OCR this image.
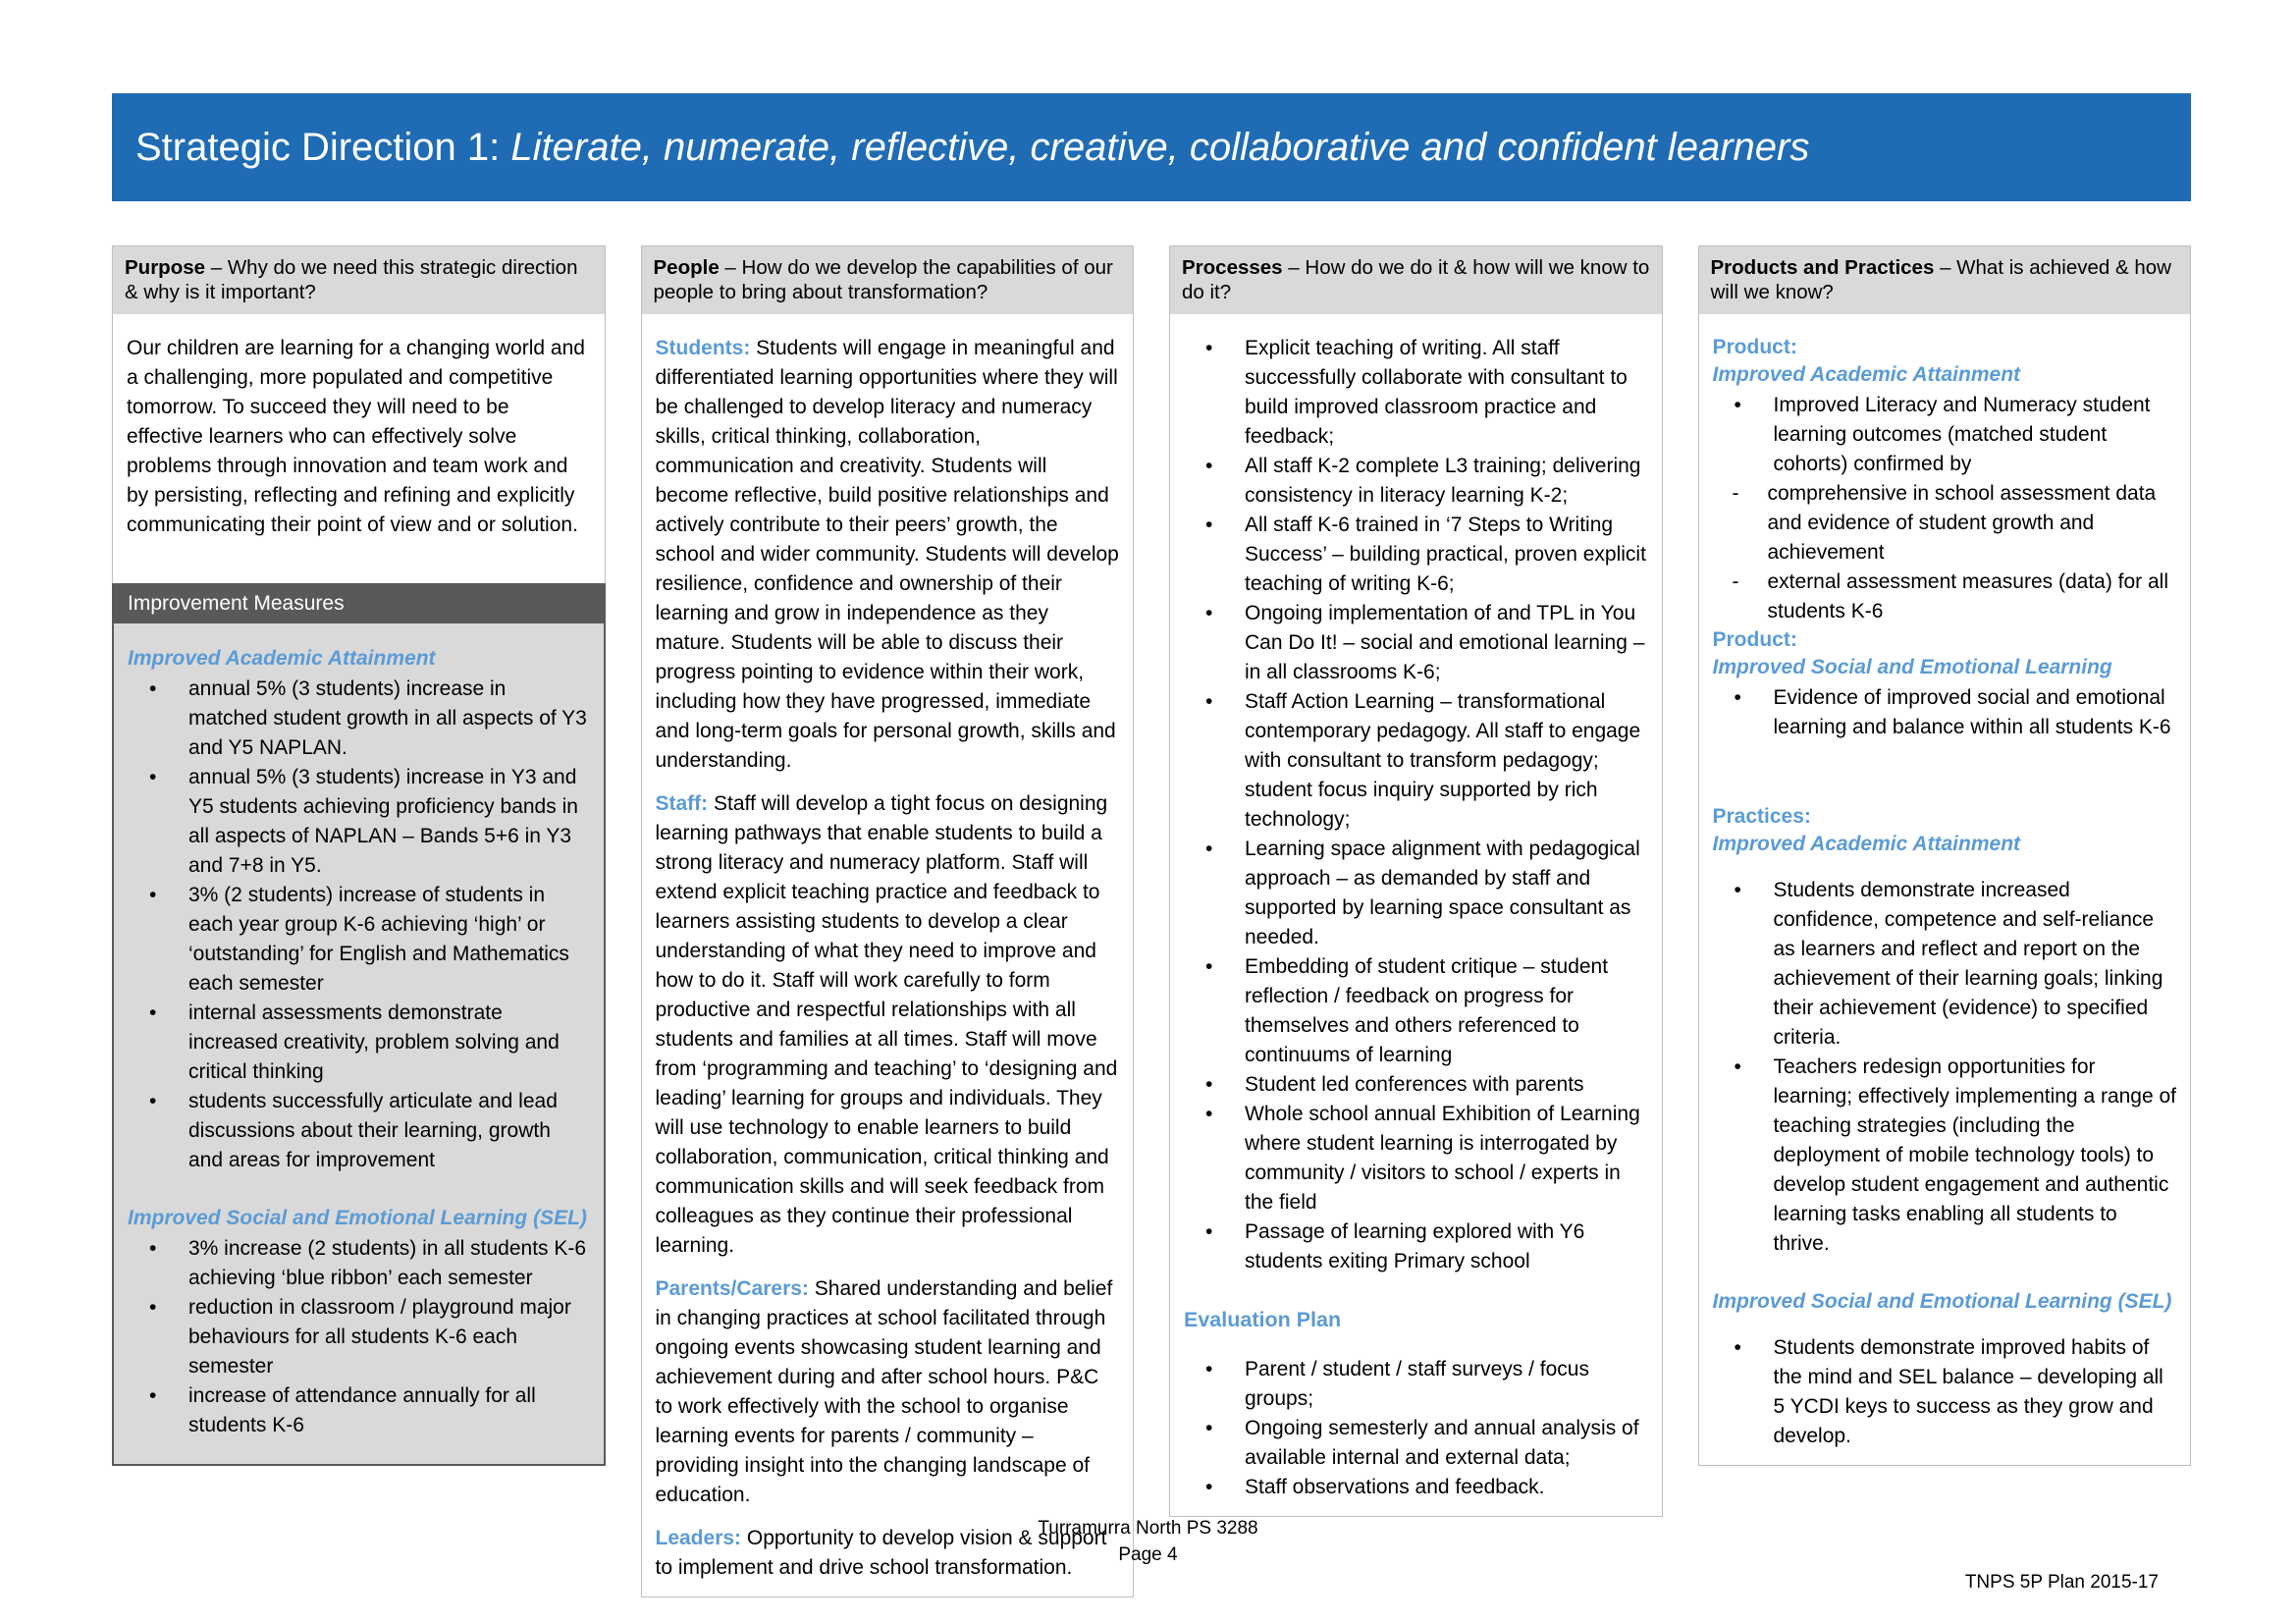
Strategic Direction 1: Literate, numerate, reflective, creative, collaborative and confident learners

Purpose – Why do we need this strategic direction & why is it important?

Our children are learning for a changing world and a challenging, more populated and competitive tomorrow. To succeed they will need to be effective learners who can effectively solve problems through innovation and team work and by persisting, reflecting and refining and explicitly communicating their point of view and or solution.

Improvement Measures

Improved Academic Attainment

• annual 5% (3 students) increase in matched student growth in all aspects of Y3 and Y5 NAPLAN.
• annual 5% (3 students) increase in Y3 and Y5 students achieving proficiency bands in all aspects of NAPLAN – Bands 5+6 in Y3 and 7+8 in Y5.
• 3% (2 students) increase of students in each year group K-6 achieving ‘high’ or ‘outstanding’ for English and Mathematics each semester
• internal assessments demonstrate increased creativity, problem solving and critical thinking
• students successfully articulate and lead discussions about their learning, growth and areas for improvement

Improved Social and Emotional Learning (SEL)

• 3% increase (2 students) in all students K-6 achieving ‘blue ribbon’ each semester
• reduction in classroom / playground major behaviours for all students K-6 each semester
• increase of attendance annually for all students K-6

People – How do we develop the capabilities of our people to bring about transformation?

Students: Students will engage in meaningful and differentiated learning opportunities where they will be challenged to develop literacy and numeracy skills, critical thinking, collaboration, communication and creativity. Students will become reflective, build positive relationships and actively contribute to their peers’ growth, the school and wider community. Students will develop resilience, confidence and ownership of their learning and grow in independence as they mature. Students will be able to discuss their progress pointing to evidence within their work, including how they have progressed, immediate and long-term goals for personal growth, skills and understanding.

Staff: Staff will develop a tight focus on designing learning pathways that enable students to build a strong literacy and numeracy platform. Staff will extend explicit teaching practice and feedback to learners assisting students to develop a clear understanding of what they need to improve and how to do it. Staff will work carefully to form productive and respectful relationships with all students and families at all times. Staff will move from ‘programming and teaching’ to ‘designing and leading’ learning for groups and individuals. They will use technology to enable learners to build collaboration, communication, critical thinking and communication skills and will seek feedback from colleagues as they continue their professional learning.

Parents/Carers: Shared understanding and belief in changing practices at school facilitated through ongoing events showcasing student learning and achievement during and after school hours. P&C to work effectively with the school to organise learning events for parents / community – providing insight into the changing landscape of education.

Leaders: Opportunity to develop vision & support to implement and drive school transformation.

Processes – How do we do it & how will we know to do it?

• Explicit teaching of writing. All staff successfully collaborate with consultant to build improved classroom practice and feedback;
• All staff K-2 complete L3 training; delivering consistency in literacy learning K-2;
• All staff K-6 trained in ‘7 Steps to Writing Success’ – building practical, proven explicit teaching of writing K-6;
• Ongoing implementation of and TPL in You Can Do It! – social and emotional learning – in all classrooms K-6;
• Staff Action Learning – transformational contemporary pedagogy. All staff to engage with consultant to transform pedagogy; student focus inquiry supported by rich technology;
• Learning space alignment with pedagogical approach – as demanded by staff and supported by learning space consultant as needed.
• Embedding of student critique – student reflection / feedback on progress for themselves and others referenced to continuums of learning
• Student led conferences with parents
• Whole school annual Exhibition of Learning where student learning is interrogated by community / visitors to school / experts in the field
• Passage of learning explored with Y6 students exiting Primary school

Evaluation Plan

• Parent / student / staff surveys / focus groups;
• Ongoing semesterly and annual analysis of available internal and external data;
• Staff observations and feedback.

Products and Practices – What is achieved & how will we know?

Product:

Improved Academic Attainment

• Improved Literacy and Numeracy student learning outcomes (matched student cohorts) confirmed by
- comprehensive in school assessment data and evidence of student growth and achievement
- external assessment measures (data) for all students K-6

Product:

Improved Social and Emotional Learning

• Evidence of improved social and emotional learning and balance within all students K-6

Practices:

Improved Academic Attainment

• Students demonstrate increased confidence, competence and self-reliance as learners and reflect and report on the achievement of their learning goals; linking their achievement (evidence) to specified criteria.
• Teachers redesign opportunities for learning; effectively implementing a range of teaching strategies (including the deployment of mobile technology tools) to develop student engagement and authentic learning tasks enabling all students to thrive.

Improved Social and Emotional Learning (SEL)

• Students demonstrate improved habits of the mind and SEL balance – developing all 5 YCDI keys to success as they grow and develop.
Turramurra North PS 3288
Page 4
TNPS 5P Plan 2015-17
